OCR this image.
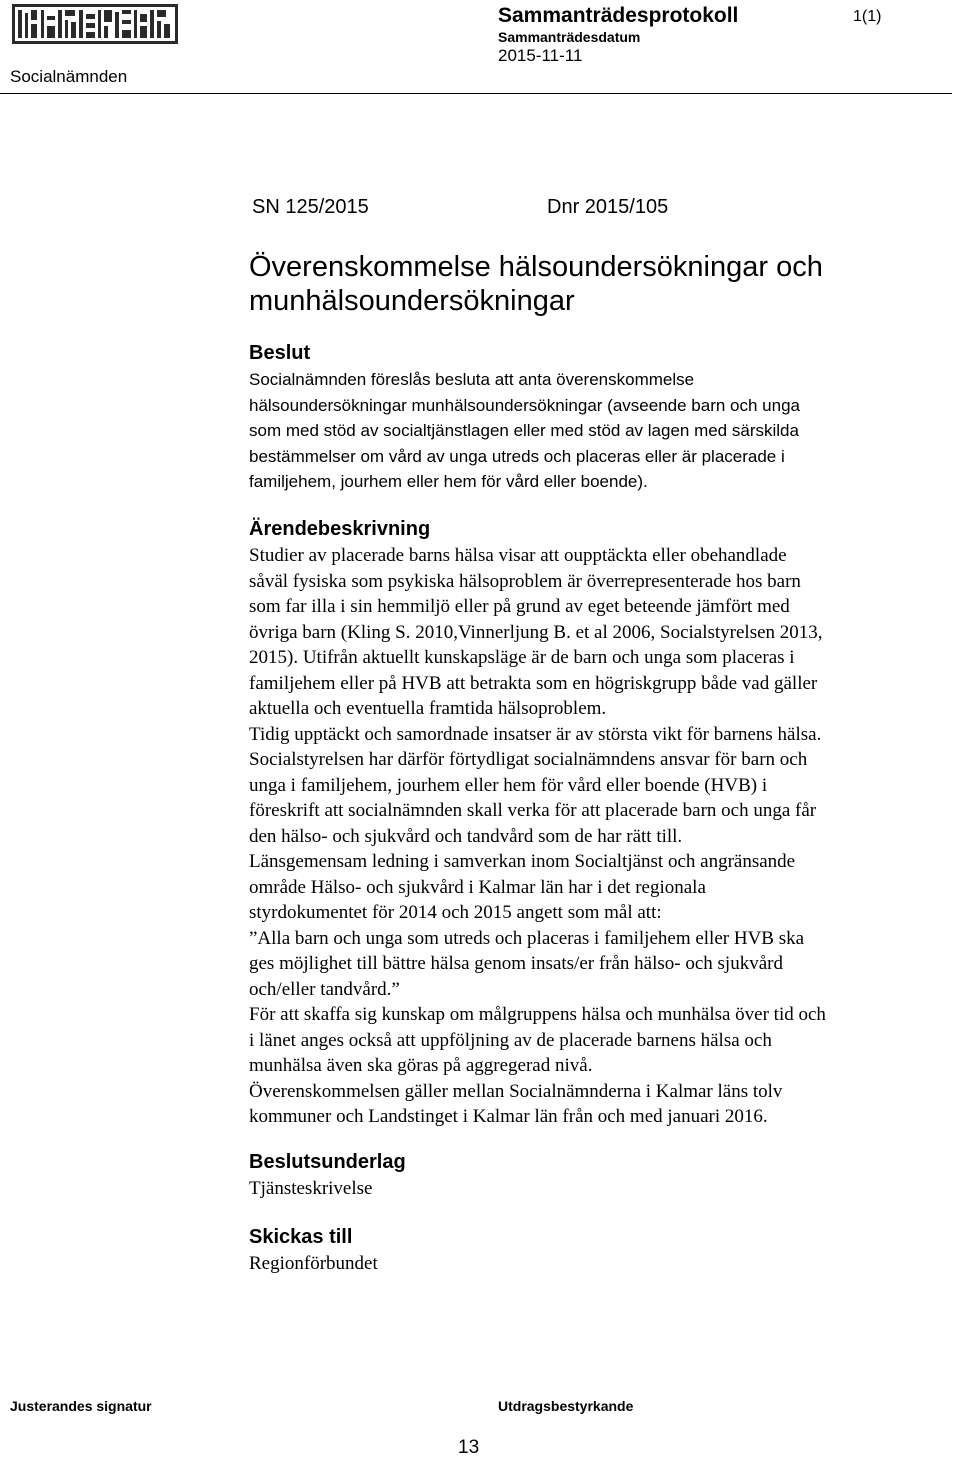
Sammanträdesprotokoll	1(1)
Sammanträdesdatum
2015-11-11
Socialnämnden
SN 125/2015	Dnr 2015/105
Överenskommelse hälsoundersökningar och munhälsoundersökningar
Beslut
Socialnämnden föreslås besluta att anta överenskommelse
hälsoundersökningar munhälsoundersökningar (avseende barn och unga
som med stöd av socialtjänstlagen eller med stöd av lagen med särskilda
bestämmelser om vård av unga utreds och placeras eller är placerade i
familjehem, jourhem eller hem för vård eller boende).
Ärendebeskrivning

Studier av placerade barns hälsa visar att oupptäckta eller obehandlade

såväl fysiska som psykiska hälsoproblem är överrepresenterade hos barn

som far illa i sin hemmiljö eller på grund av eget beteende jämfört med

övriga barn (Kling S. 2010,Vinnerljung B. et al 2006, Socialstyrelsen 2013,

2015). Utifrån aktuellt kunskapsläge är de barn och unga som placeras i

familjehem eller på HVB att betrakta som en högriskgrupp både vad gäller

aktuella och eventuella framtida hälsoproblem.

Tidig upptäckt och samordnade insatser är av största vikt för barnens hälsa.

Socialstyrelsen har därför förtydligat socialnämndens ansvar för barn och

unga i familjehem, jourhem eller hem för vård eller boende (HVB) i

föreskrift att socialnämnden skall verka för att placerade barn och unga får

den hälso- och sjukvård och tandvård som de har rätt till.

Länsgemensam ledning i samverkan inom Socialtjänst och angränsande

område Hälso- och sjukvård i Kalmar län har i det regionala

styrdokumentet för 2014 och 2015 angett som mål att:

”Alla barn och unga som utreds och placeras i familjehem eller HVB ska

ges möjlighet till bättre hälsa genom insats/er från hälso- och sjukvård

och/eller tandvård.”

För att skaffa sig kunskap om målgruppens hälsa och munhälsa över tid och

i länet anges också att uppföljning av de placerade barnens hälsa och

munhälsa även ska göras på aggregerad nivå.

Överenskommelsen gäller mellan Socialnämnderna i Kalmar läns tolv

kommuner och Landstinget i Kalmar län från och med januari 2016.

Beslutsunderlag

Tjänsteskrivelse

Skickas till

Regionförbundet

Justerandes signatur	Utdragsbestyrkande
13
